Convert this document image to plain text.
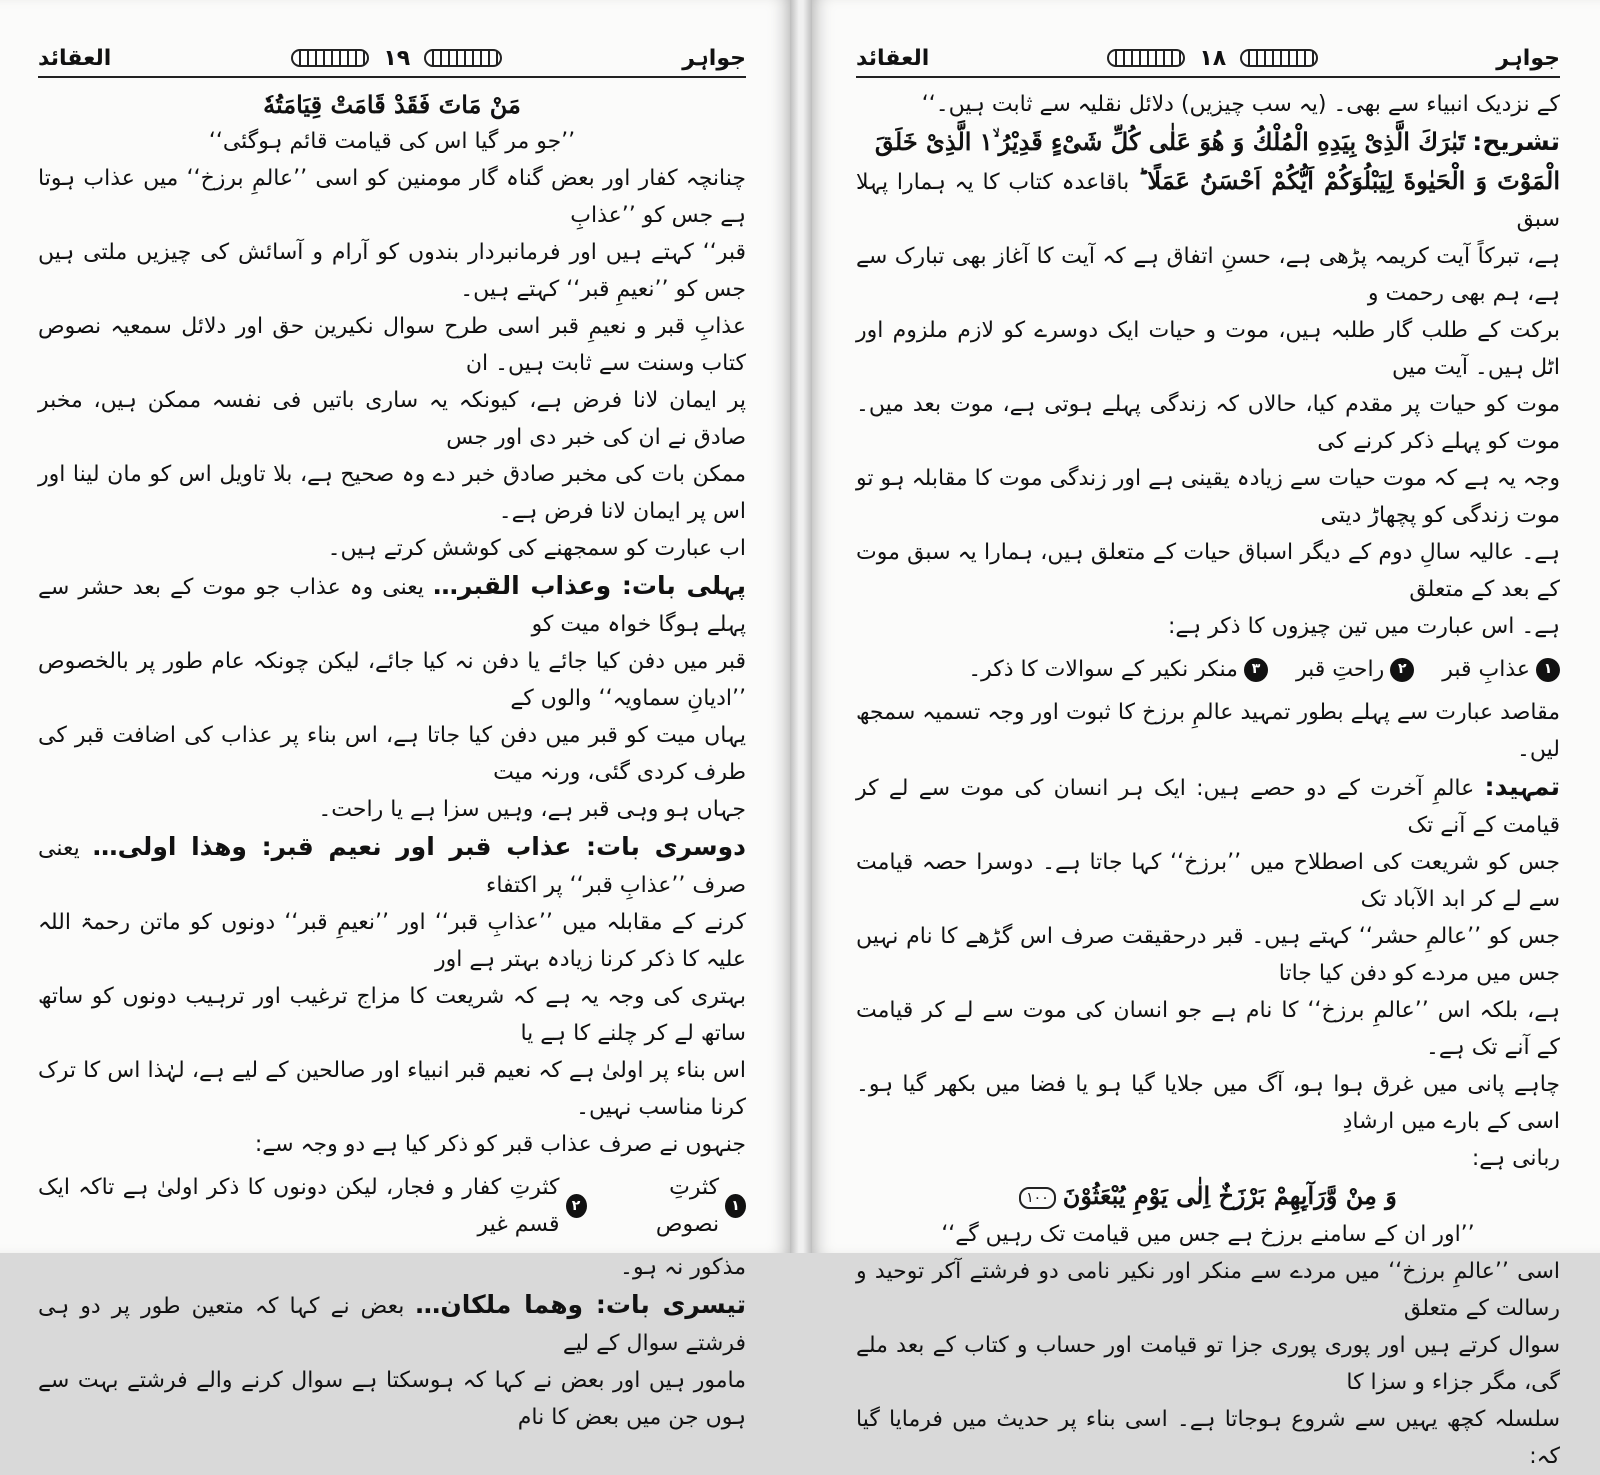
جواہر
١٩
العقائد

مَنْ مَاتَ فَقَدْ قَامَتْ قِيَامَتُهٗ

’’جو مر گیا اس کی قیامت قائم ہوگئی‘‘

چنانچہ کفار اور بعض گناہ گار مومنین کو اسی ’’عالمِ برزخ‘‘ میں عذاب ہوتا ہے جس کو ’’عذابِ

قبر‘‘ کہتے ہیں اور فرمانبردار بندوں کو آرام و آسائش کی چیزیں ملتی ہیں جس کو ’’نعیمِ قبر‘‘ کہتے ہیں۔

عذابِ قبر و نعیمِ قبر اسی طرح سوال نکیرین حق اور دلائل سمعیہ نصوص کتاب وسنت سے ثابت ہیں۔ ان

پر ایمان لانا فرض ہے، کیونکہ یہ ساری باتیں فی نفسہ ممکن ہیں، مخبر صادق نے ان کی خبر دی اور جس

ممکن بات کی مخبر صادق خبر دے وہ صحیح ہے، بلا تاویل اس کو مان لینا اور اس پر ایمان لانا فرض ہے۔

اب عبارت کو سمجھنے کی کوشش کرتے ہیں۔

پہلی بات: وعذاب القبر… یعنی وہ عذاب جو موت کے بعد حشر سے پہلے ہوگا خواہ میت کو

قبر میں دفن کیا جائے یا دفن نہ کیا جائے، لیکن چونکہ عام طور پر بالخصوص ’’ادیانِ سماویہ‘‘ والوں کے

یہاں میت کو قبر میں دفن کیا جاتا ہے، اس بناء پر عذاب کی اضافت قبر کی طرف کردی گئی، ورنہ میت

جہاں ہو وہی قبر ہے، وہیں سزا ہے یا راحت۔

دوسری بات: عذاب قبر اور نعیم قبر: وھذا اولی… یعنی صرف ’’عذابِ قبر‘‘ پر اکتفاء

کرنے کے مقابلہ میں ’’عذابِ قبر‘‘ اور ’’نعیمِ قبر‘‘ دونوں کو ماتن رحمۃ اللہ علیہ کا ذکر کرنا زیادہ بہتر ہے اور

بہتری کی وجہ یہ ہے کہ شریعت کا مزاج ترغیب اور ترہیب دونوں کو ساتھ ساتھ لے کر چلنے کا ہے یا

اس بناء پر اولیٰ ہے کہ نعیم قبر انبیاء اور صالحین کے لیے ہے، لہٰذا اس کا ترک کرنا مناسب نہیں۔

جنہوں نے صرف عذاب قبر کو ذکر کیا ہے دو وجہ سے:

١
کثرتِ نصوص
٢
کثرتِ کفار و فجار، لیکن دونوں کا ذکر اولیٰ ہے تاکہ ایک قسم غیر

مذکور نہ ہو۔

تیسری بات: وھما ملکان… بعض نے کہا کہ متعین طور پر دو ہی فرشتے سوال کے لیے

مامور ہیں اور بعض نے کہا کہ ہوسکتا ہے سوال کرنے والے فرشتے بہت سے ہوں جن میں بعض کا نام

جواہر
١٨
العقائد

کے نزدیک انبیاء سے بھی۔ (یہ سب چیزیں) دلائل نقلیہ سے ثابت ہیں۔‘‘

تشریح: تَبٰرَكَ الَّذِیْ بِیَدِهِ الْمُلْكُ وَ هُوَ عَلٰی كُلِّ شَیْءٍ قَدِیْرُ ۙ۱ الَّذِیْ خَلَقَ

الْمَوْتَ وَ الْحَیٰوةَ لِیَبْلُوَكُمْ اَیُّكُمْ اَحْسَنُ عَمَلًا ؕ باقاعدہ کتاب کا یہ ہمارا پہلا سبق

ہے، تبرکاً آیت کریمہ پڑھی ہے، حسنِ اتفاق ہے کہ آیت کا آغاز بھی تبارک سے ہے، ہم بھی رحمت و

برکت کے طلب گار طلبہ ہیں، موت و حیات ایک دوسرے کو لازم ملزوم اور اٹل ہیں۔ آیت میں

موت کو حیات پر مقدم کیا، حالاں کہ زندگی پہلے ہوتی ہے، موت بعد میں۔ موت کو پہلے ذکر کرنے کی

وجہ یہ ہے کہ موت حیات سے زیادہ یقینی ہے اور زندگی موت کا مقابلہ ہو تو موت زندگی کو پچھاڑ دیتی

ہے۔ عالیہ سالِ دوم کے دیگر اسباق حیات کے متعلق ہیں، ہمارا یہ سبق موت کے بعد کے متعلق

ہے۔ اس عبارت میں تین چیزوں کا ذکر ہے:

١
عذابِ قبر
٢
راحتِ قبر
٣
منکر نکیر کے سوالات کا ذکر۔

مقاصد عبارت سے پہلے بطور تمہید عالمِ برزخ کا ثبوت اور وجہ تسمیہ سمجھ لیں۔

تمہید: عالمِ آخرت کے دو حصے ہیں: ایک ہر انسان کی موت سے لے کر قیامت کے آنے تک

جس کو شریعت کی اصطلاح میں ’’برزخ‘‘ کہا جاتا ہے۔ دوسرا حصہ قیامت سے لے کر ابد الآباد تک

جس کو ’’عالمِ حشر‘‘ کہتے ہیں۔ قبر درحقیقت صرف اس گڑھے کا نام نہیں جس میں مردے کو دفن کیا جاتا

ہے، بلکہ اس ’’عالمِ برزخ‘‘ کا نام ہے جو انسان کی موت سے لے کر قیامت کے آنے تک ہے۔

چاہے پانی میں غرق ہوا ہو، آگ میں جلایا گیا ہو یا فضا میں بکھر گیا ہو۔ اسی کے بارے میں ارشادِ

ربانی ہے:

وَ مِنْ وَّرَآىِٕهِمْ بَرْزَخٌ اِلٰی یَوْمِ یُبْعَثُوْنَ ١٠٠

’’اور ان کے سامنے برزخ ہے جس میں قیامت تک رہیں گے‘‘

اسی ’’عالمِ برزخ‘‘ میں مردے سے منکر اور نکیر نامی دو فرشتے آکر توحید و رسالت کے متعلق

سوال کرتے ہیں اور پوری پوری جزا تو قیامت اور حساب و کتاب کے بعد ملے گی، مگر جزاء و سزا کا

سلسلہ کچھ یہیں سے شروع ہوجاتا ہے۔ اسی بناء پر حدیث میں فرمایا گیا کہ:
